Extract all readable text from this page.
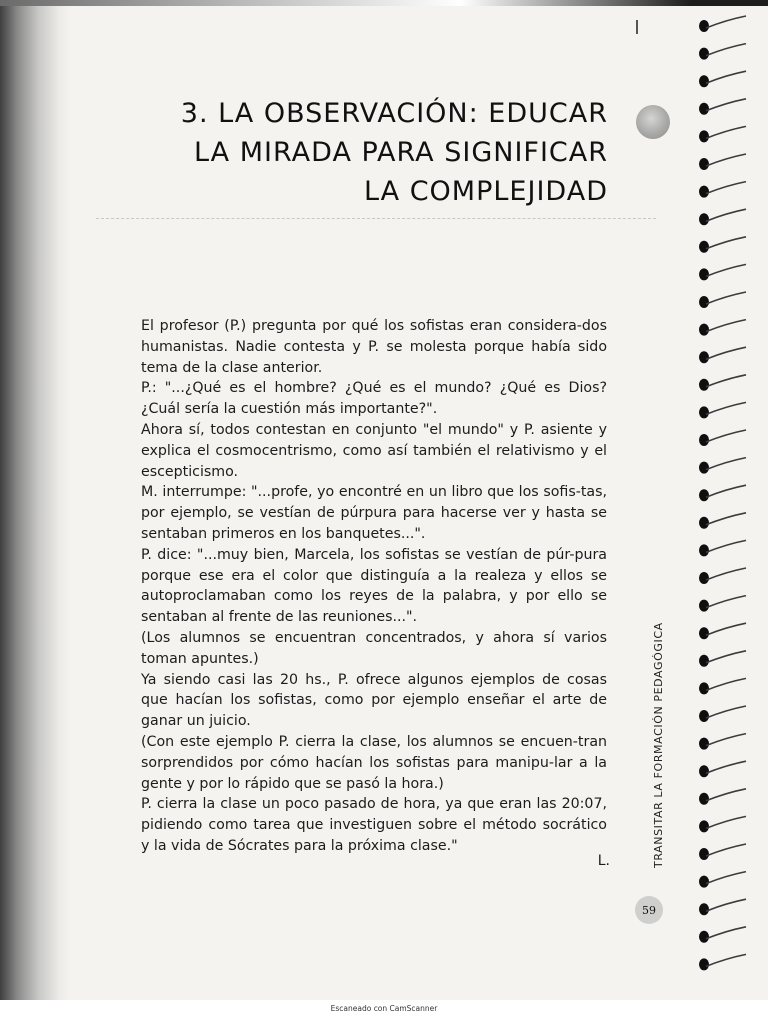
3. LA OBSERVACIÓN: EDUCAR
LA MIRADA PARA SIGNIFICAR
LA COMPLEJIDAD

El profesor (P.) pregunta por qué los sofistas eran considera-dos humanistas. Nadie contesta y P. se molesta porque había sido tema de la clase anterior.

P.: "...¿Qué es el hombre? ¿Qué es el mundo? ¿Qué es Dios? ¿Cuál sería la cuestión más importante?".

Ahora sí, todos contestan en conjunto "el mundo" y P. asiente y explica el cosmocentrismo, como así también el relativismo y el escepticismo.

M. interrumpe: "...profe, yo encontré en un libro que los sofis-tas, por ejemplo, se vestían de púrpura para hacerse ver y hasta se sentaban primeros en los banquetes...".

P. dice: "...muy bien, Marcela, los sofistas se vestían de púr-pura porque ese era el color que distinguía a la realeza y ellos se autoproclamaban como los reyes de la palabra, y por ello se sentaban al frente de las reuniones...".

(Los alumnos se encuentran concentrados, y ahora sí varios toman apuntes.)

Ya siendo casi las 20 hs., P. ofrece algunos ejemplos de cosas que hacían los sofistas, como por ejemplo enseñar el arte de ganar un juicio.

(Con este ejemplo P. cierra la clase, los alumnos se encuen-tran sorprendidos por cómo hacían los sofistas para manipu-lar a la gente y por lo rápido que se pasó la hora.)

P. cierra la clase un poco pasado de hora, ya que eran las 20:07, pidiendo como tarea que investiguen sobre el método socrático y la vida de Sócrates para la próxima clase."

L.	TRANSITAR LA FORMACIÓN PEDAGÓGICA
59
Escaneado con CamScanner
